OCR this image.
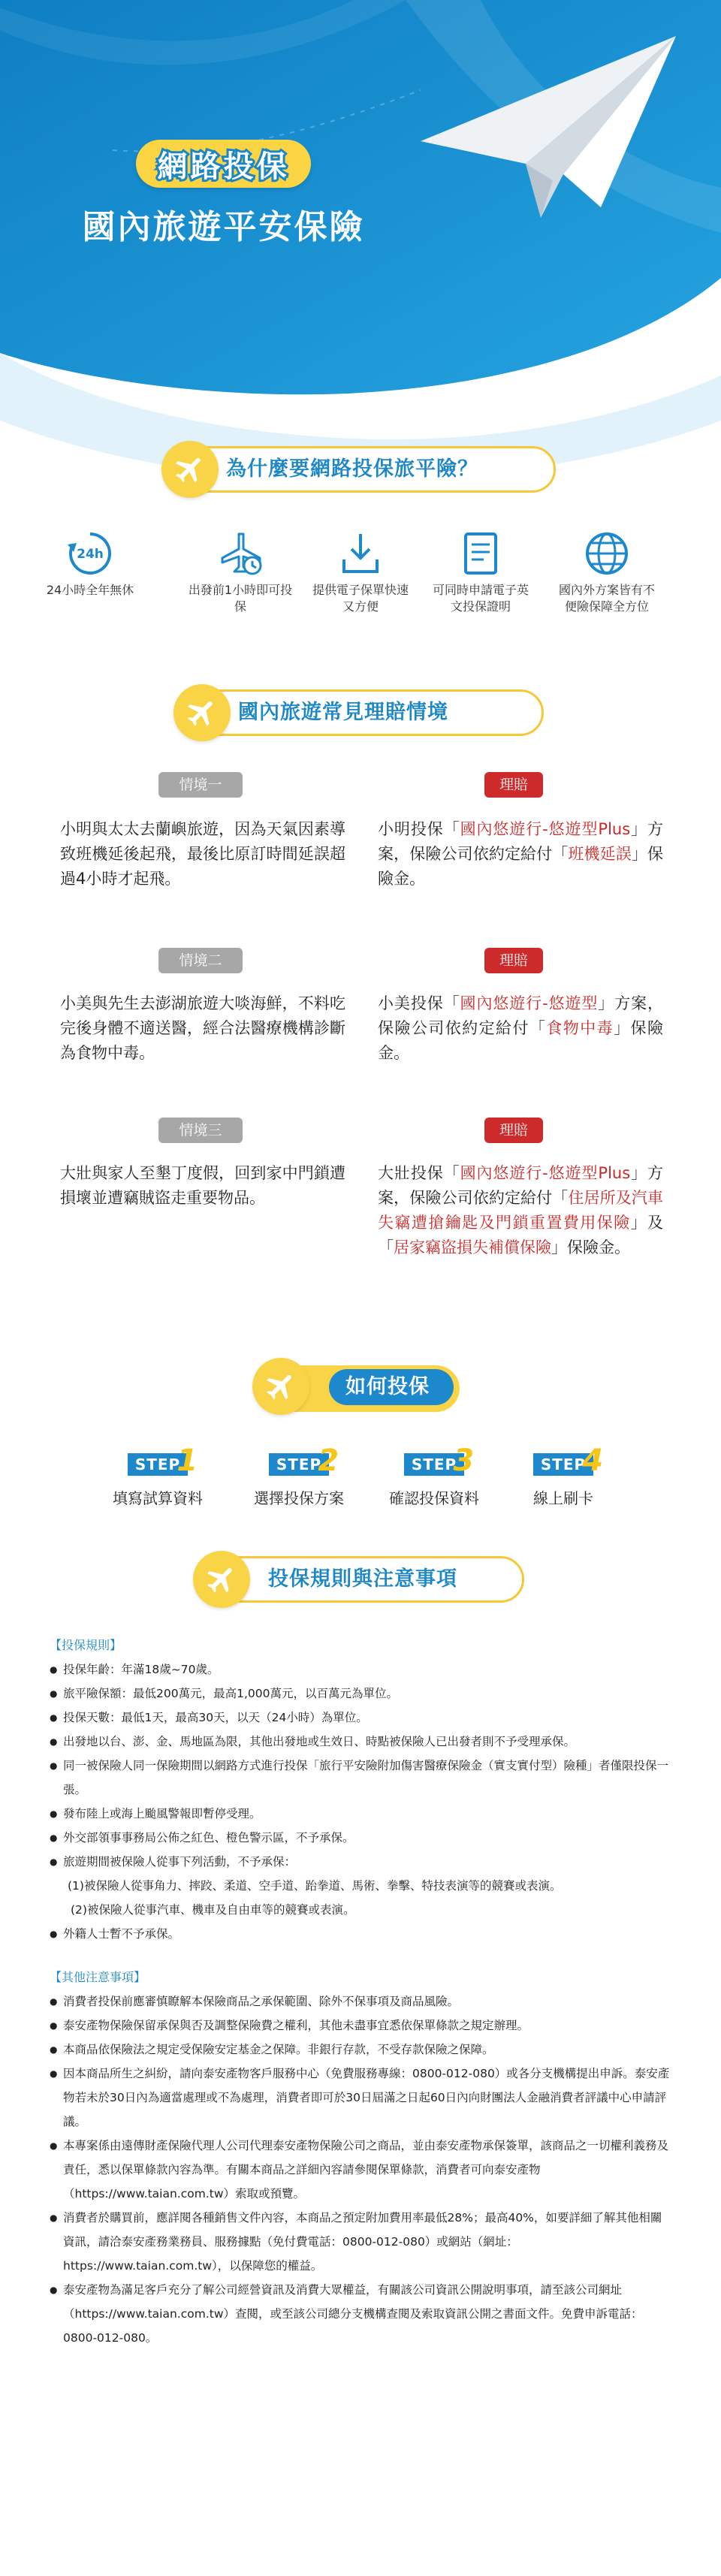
網路投保
國內旅遊平安保險
為什麼要網路投保旅平險？
24h
24小時全年無休	出發前1小時即可投保
提供電子保單快速又方便
可同時申請電子英文投保證明
國內外方案皆有不便險保障全方位
國內旅遊常見理賠情境
情境一	理賠
小明與太太去蘭嶼旅遊，因為天氣因素導致班機延後起飛，最後比原訂時間延誤超過4小時才起飛。
小明投保「國內悠遊行-悠遊型Plus」方案，保險公司依約定給付「班機延誤」保險金。
情境二	理賠
小美與先生去澎湖旅遊大啖海鮮，不料吃完後身體不適送醫，經合法醫療機構診斷為食物中毒。
小美投保「國內悠遊行-悠遊型」方案，保險公司依約定給付「食物中毒」保險金。
情境三	理賠
大壯與家人至墾丁度假，回到家中門鎖遭損壞並遭竊賊盜走重要物品。
大壯投保「國內悠遊行-悠遊型Plus」方案，保險公司依約定給付「住居所及汽車失竊遭搶鑰匙及門鎖重置費用保險」及「居家竊盜損失補償保險」保險金。
如何投保
STEP
1
填寫試算資料
STEP
2
選擇投保方案
STEP
3
確認投保資料
STEP
4
線上刷卡
投保規則與注意事項
【投保規則】
● 投保年齡：年滿18歲~70歲。
● 旅平險保額：最低200萬元，最高1,000萬元，以百萬元為單位。
● 投保天數：最低1天，最高30天，以天（24小時）為單位。
● 出發地以台、澎、金、馬地區為限，其他出發地或生效日、時點被保險人已出發者則不予受理承保。
● 同一被保險人同一保險期間以網路方式進行投保「旅行平安險附加傷害醫療保險金（實支實付型）險種」者僅限投保一張。
● 發布陸上或海上颱風警報即暫停受理。
● 外交部領事事務局公佈之紅色、橙色警示區，不予承保。
● 旅遊期間被保險人從事下列活動，不予承保：
(1)被保險人從事角力、摔跤、柔道、空手道、跆拳道、馬術、拳擊、特技表演等的競賽或表演。
(2)被保險人從事汽車、機車及自由車等的競賽或表演。
● 外籍人士暫不予承保。
【其他注意事項】
● 消費者投保前應審慎瞭解本保險商品之承保範圍、除外不保事項及商品風險。
● 泰安產物保險保留承保與否及調整保險費之權利，其他未盡事宜悉依保單條款之規定辦理。
● 本商品依保險法之規定受保險安定基金之保障。非銀行存款，不受存款保險之保障。
● 因本商品所生之糾紛，請向泰安產物客戶服務中心（免費服務專線：0800-012-080）或各分支機構提出申訴。泰安產物若未於30日內為適當處理或不為處理，消費者即可於30日屆滿之日起60日內向財團法人金融消費者評議中心申請評議。
● 本專案係由遠傳財產保險代理人公司代理泰安產物保險公司之商品，並由泰安產物承保簽單，該商品之一切權利義務及責任，悉以保單條款內容為準。有關本商品之詳細內容請參閱保單條款，消費者可向泰安產物（https://www.taian.com.tw）索取或預覽。
● 消費者於購買前，應詳閱各種銷售文件內容，本商品之預定附加費用率最低28%；最高40%，如要詳細了解其他相關資訊，請洽泰安產務業務員、服務據點（免付費電話：0800-012-080）或網站（網址：https://www.taian.com.tw），以保障您的權益。
● 泰安產物為滿足客戶充分了解公司經營資訊及消費大眾權益，有關該公司資訊公開說明事項，請至該公司網址（https://www.taian.com.tw）查閱，或至該公司總分支機構查閱及索取資訊公開之書面文件。免費申訴電話：0800-012-080。
